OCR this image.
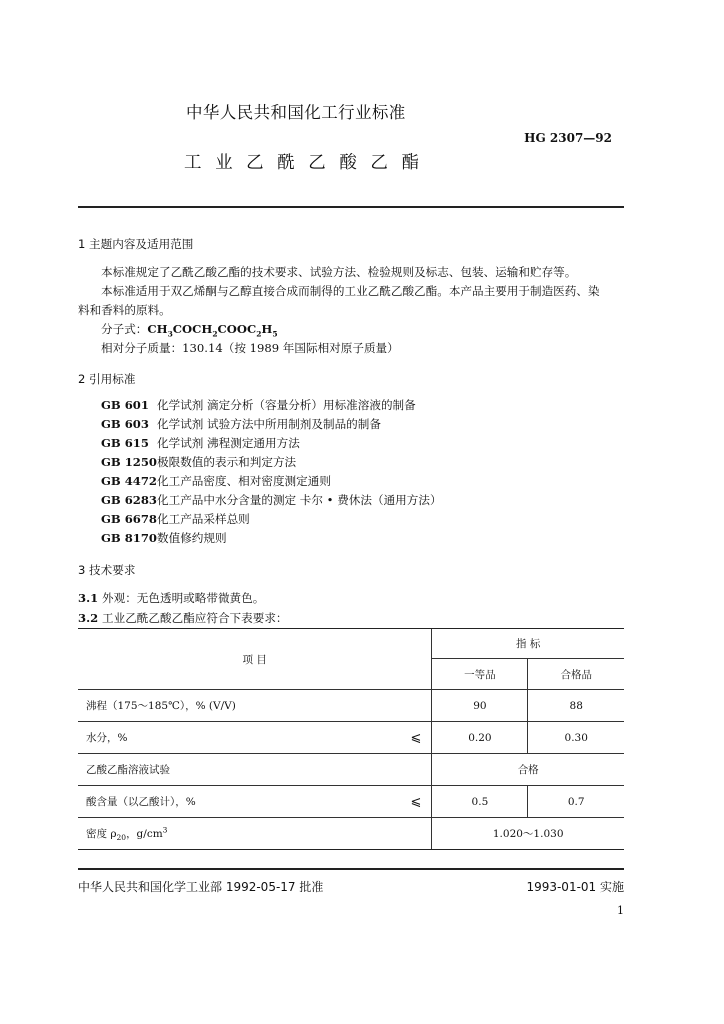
中华人民共和国化工行业标准
HG 2307—92
工 业 乙 酰 乙 酸 乙 酯
1 主题内容及适用范围
本标准规定了乙酰乙酸乙酯的技术要求、试验方法、检验规则及标志、包装、运输和贮存等。
本标准适用于双乙烯酮与乙醇直接合成而制得的工业乙酰乙酸乙酯。本产品主要用于制造医药、染
料和香料的原料。
分子式：$CH_3COCH_2COOC_2H_5$
相对分子质量：130.14（按 1989 年国际相对原子质量）
2 引用标准
GB 601 化学试剂 滴定分析（容量分析）用标准溶液的制备
GB 603 化学试剂 试验方法中所用制剂及制品的制备
GB 615 化学试剂 沸程测定通用方法
GB 1250极限数值的表示和判定方法
GB 4472化工产品密度、相对密度测定通则
GB 6283化工产品中水分含量的测定 卡尔 • 费休法（通用方法）
GB 6678化工产品采样总则
GB 8170数值修约规则
3 技术要求
3.1 外观：无色透明或略带微黄色。
3.2 工业乙酰乙酸乙酯应符合下表要求：
项 目	指 标	
	一等品	合格品
沸程（175～185℃），% (V/V)	90	88
水分，% ⩽	0.20	0.30
乙酸乙酯溶液试验	合格	
酸含量（以乙酸计），% ⩽	0.5	0.7
密度 $\rho_{20}$，$g/cm^3$	1.020～1.030	
中华人民共和国化学工业部 1992-05-17 批准	1993-01-01 实施
1
